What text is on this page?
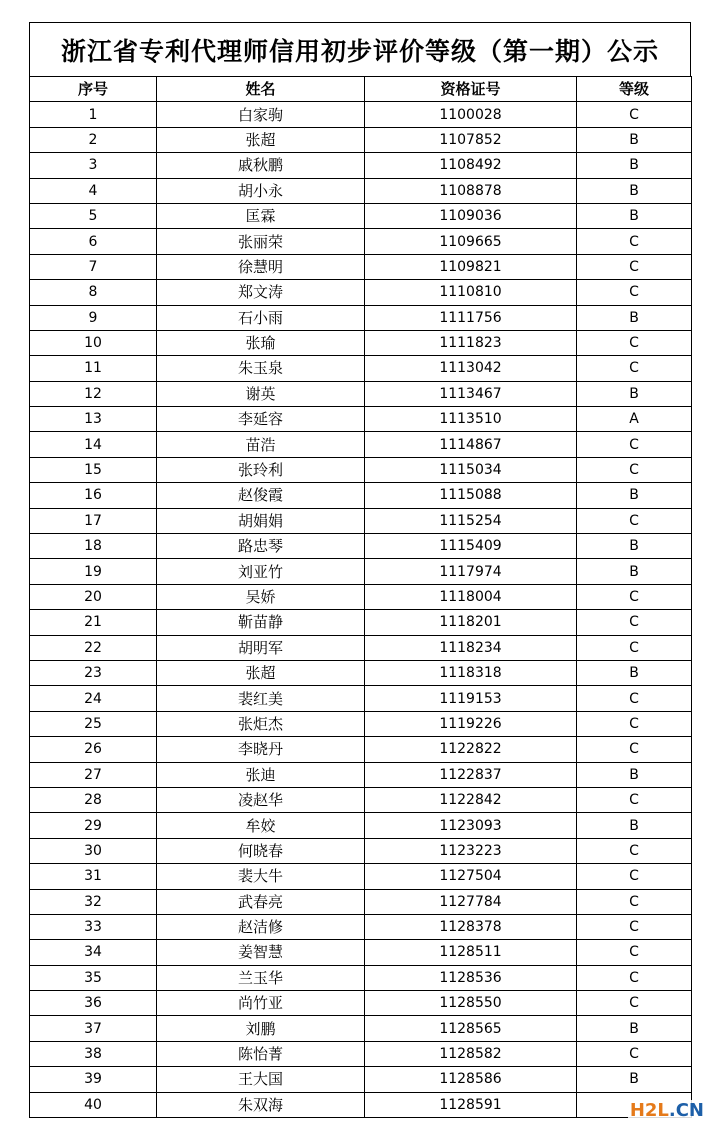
浙江省专利代理师信用初步评价等级（第一期）公示
序号	姓名	资格证号	等级
1	白家驹	1100028	C
2	张超	1107852	B
3	戚秋鹏	1108492	B
4	胡小永	1108878	B
5	匡霖	1109036	B
6	张丽荣	1109665	C
7	徐慧明	1109821	C
8	郑文涛	1110810	C
9	石小雨	1111756	B
10	张瑜	1111823	C
11	朱玉泉	1113042	C
12	谢英	1113467	B
13	李延容	1113510	A
14	苗浩	1114867	C
15	张玲利	1115034	C
16	赵俊霞	1115088	B
17	胡娟娟	1115254	C
18	路忠琴	1115409	B
19	刘亚竹	1117974	B
20	吴娇	1118004	C
21	靳苗静	1118201	C
22	胡明军	1118234	C
23	张超	1118318	B
24	裴红美	1119153	C
25	张炬杰	1119226	C
26	李晓丹	1122822	C
27	张迪	1122837	B
28	凌赵华	1122842	C
29	牟姣	1123093	B
30	何晓春	1123223	C
31	裴大牛	1127504	C
32	武春亮	1127784	C
33	赵洁修	1128378	C
34	姜智慧	1128511	C
35	兰玉华	1128536	C
36	尚竹亚	1128550	C
37	刘鹏	1128565	B
38	陈怡菁	1128582	C
39	王大国	1128586	B
40	朱双海	1128591		H2L.CN
